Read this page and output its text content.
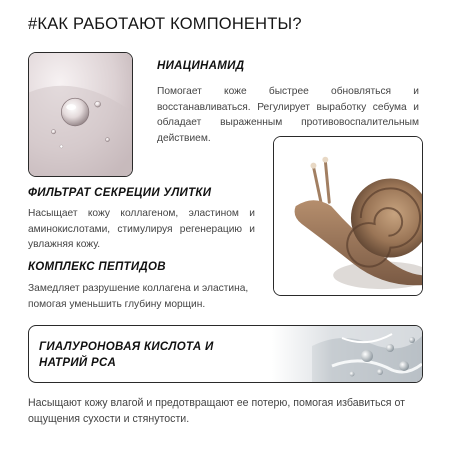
#КАК РАБОТАЮТ КОМПОНЕНТЫ?
НИАЦИНАМИД
Помогает коже быстрее обновляться и восстанавливаться. Регулирует выработку себума и обладает выраженным противовоспалительным действием.
ФИЛЬТРАТ СЕКРЕЦИИ УЛИТКИ
Насыщает кожу коллагеном, эластином и аминокислотами, стимулируя регенерацию и увлажняя кожу.
КОМПЛЕКС ПЕПТИДОВ
Замедляет разрушение коллагена и эластина, помогая уменьшить глубину морщин.
ГИАЛУРОНОВАЯ КИСЛОТА И НАТРИЙ PCA
Насыщают кожу влагой и предотвращают ее потерю, помогая избавиться от ощущения сухости и стянутости.
